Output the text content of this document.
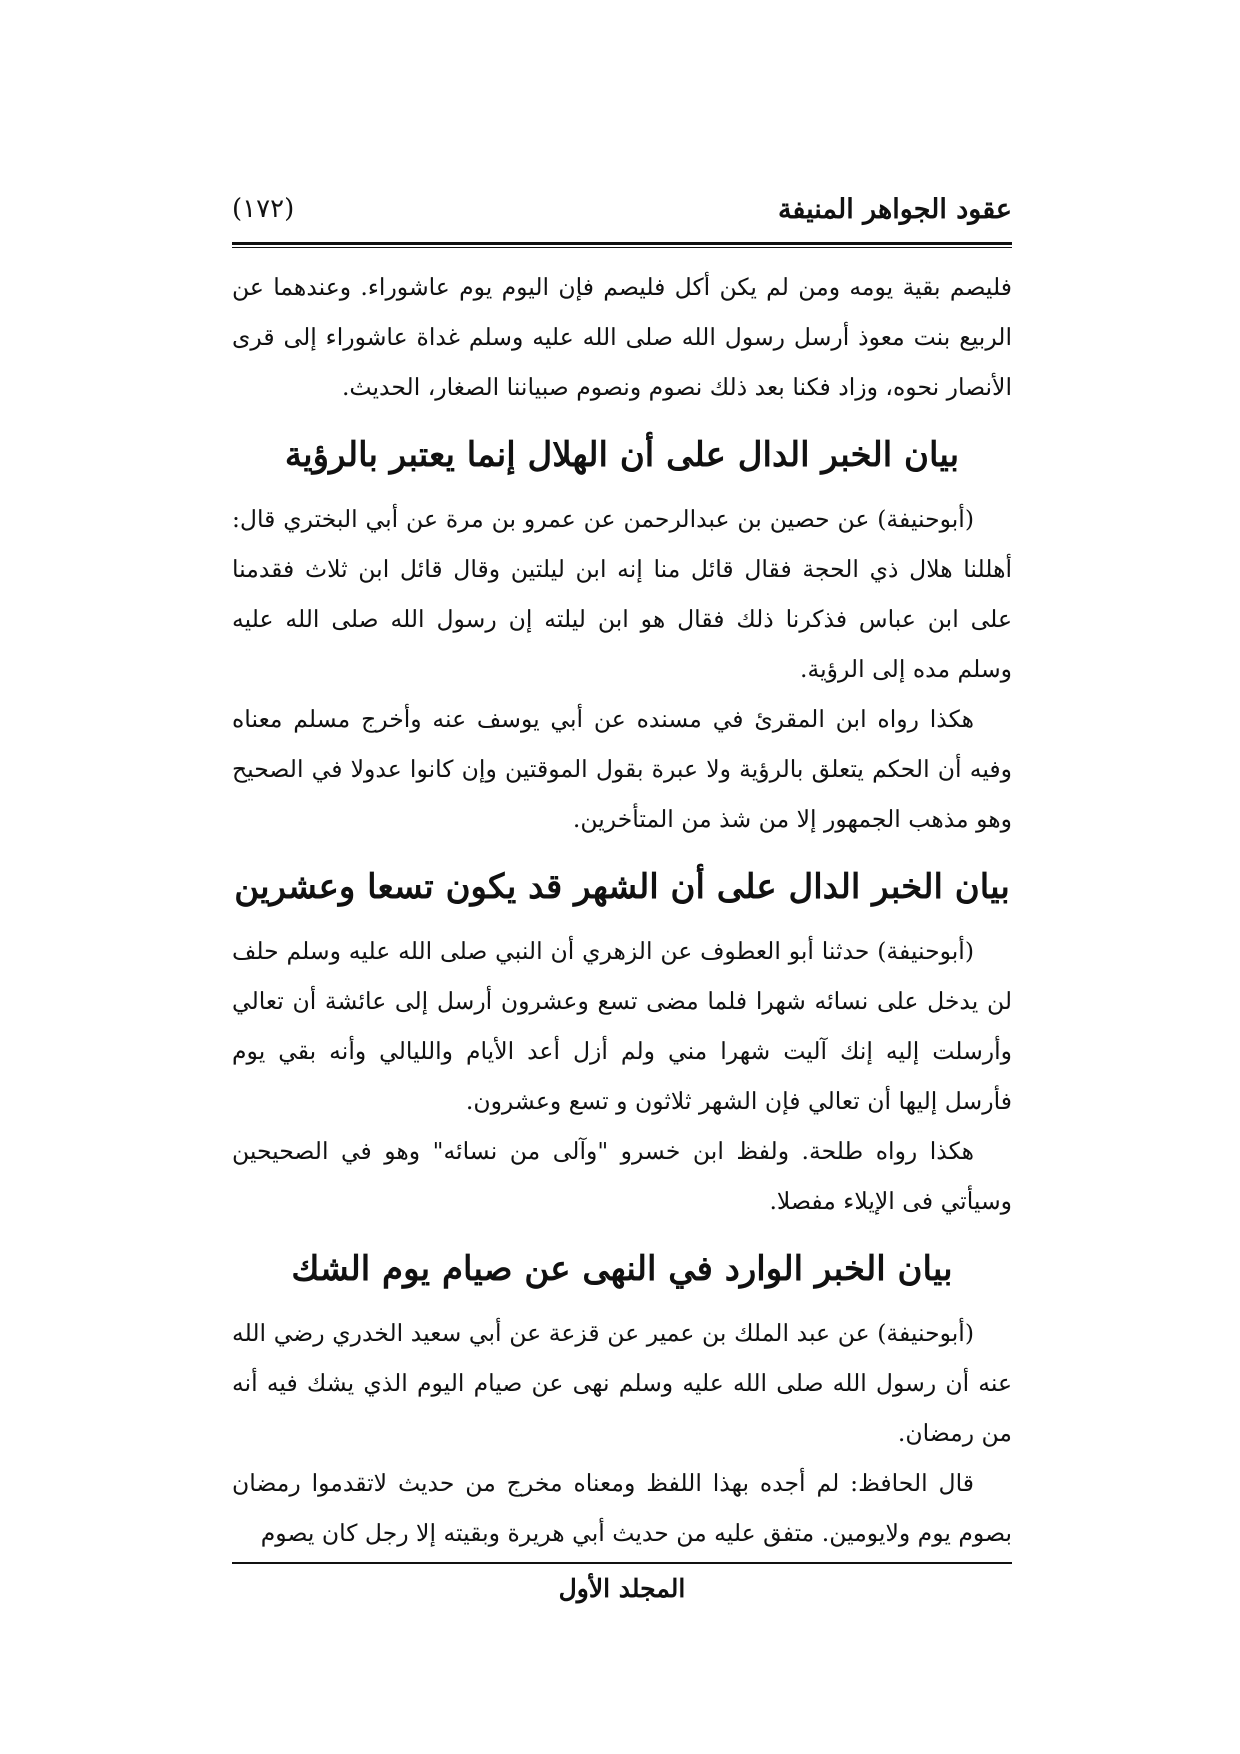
عقود الجواهر المنيفة
(١٧٢)

فليصم بقية يومه ومن لم يكن أكل فليصم فإن اليوم يوم عاشوراء. وعندهما عن الربيع بنت معوذ أرسل رسول الله صلى الله عليه وسلم غداة عاشوراء إلى قرى الأنصار نحوه، وزاد فكنا بعد ذلك نصوم ونصوم صبياننا الصغار، الحديث.

بيان الخبر الدال على أن الهلال إنما يعتبر بالرؤية

(أبوحنيفة) عن حصين بن عبدالرحمن عن عمرو بن مرة عن أبي البختري قال: أهللنا هلال ذي الحجة فقال قائل منا إنه ابن ليلتين وقال قائل ابن ثلاث فقدمنا على ابن عباس فذكرنا ذلك فقال هو ابن ليلته إن رسول الله صلى الله عليه وسلم مده إلى الرؤية.

هكذا رواه ابن المقرئ في مسنده عن أبي يوسف عنه وأخرج مسلم معناه وفيه أن الحكم يتعلق بالرؤية ولا عبرة بقول الموقتين وإن كانوا عدولا في الصحيح وهو مذهب الجمهور إلا من شذ من المتأخرين.

بيان الخبر الدال على أن الشهر قد يكون تسعا وعشرين

(أبوحنيفة) حدثنا أبو العطوف عن الزهري أن النبي صلى الله عليه وسلم حلف لن يدخل على نسائه شهرا فلما مضى تسع وعشرون أرسل إلى عائشة أن تعالي وأرسلت إليه إنك آليت شهرا مني ولم أزل أعد الأيام والليالي وأنه بقي يوم فأرسل إليها أن تعالي فإن الشهر ثلاثون و تسع وعشرون.

هكذا رواه طلحة. ولفظ ابن خسرو "وآلى من نسائه" وهو في الصحيحين وسيأتي فى الإيلاء مفصلا.

بيان الخبر الوارد في النهى عن صيام يوم الشك

(أبوحنيفة) عن عبد الملك بن عمير عن قزعة عن أبي سعيد الخدري رضي الله عنه أن رسول الله صلى الله عليه وسلم نهى عن صيام اليوم الذي يشك فيه أنه من رمضان.

قال الحافظ: لم أجده بهذا اللفظ ومعناه مخرج من حديث لاتقدموا رمضان بصوم يوم ولايومين. متفق عليه من حديث أبي هريرة وبقيته إلا رجل كان يصوم

المجلد الأول
